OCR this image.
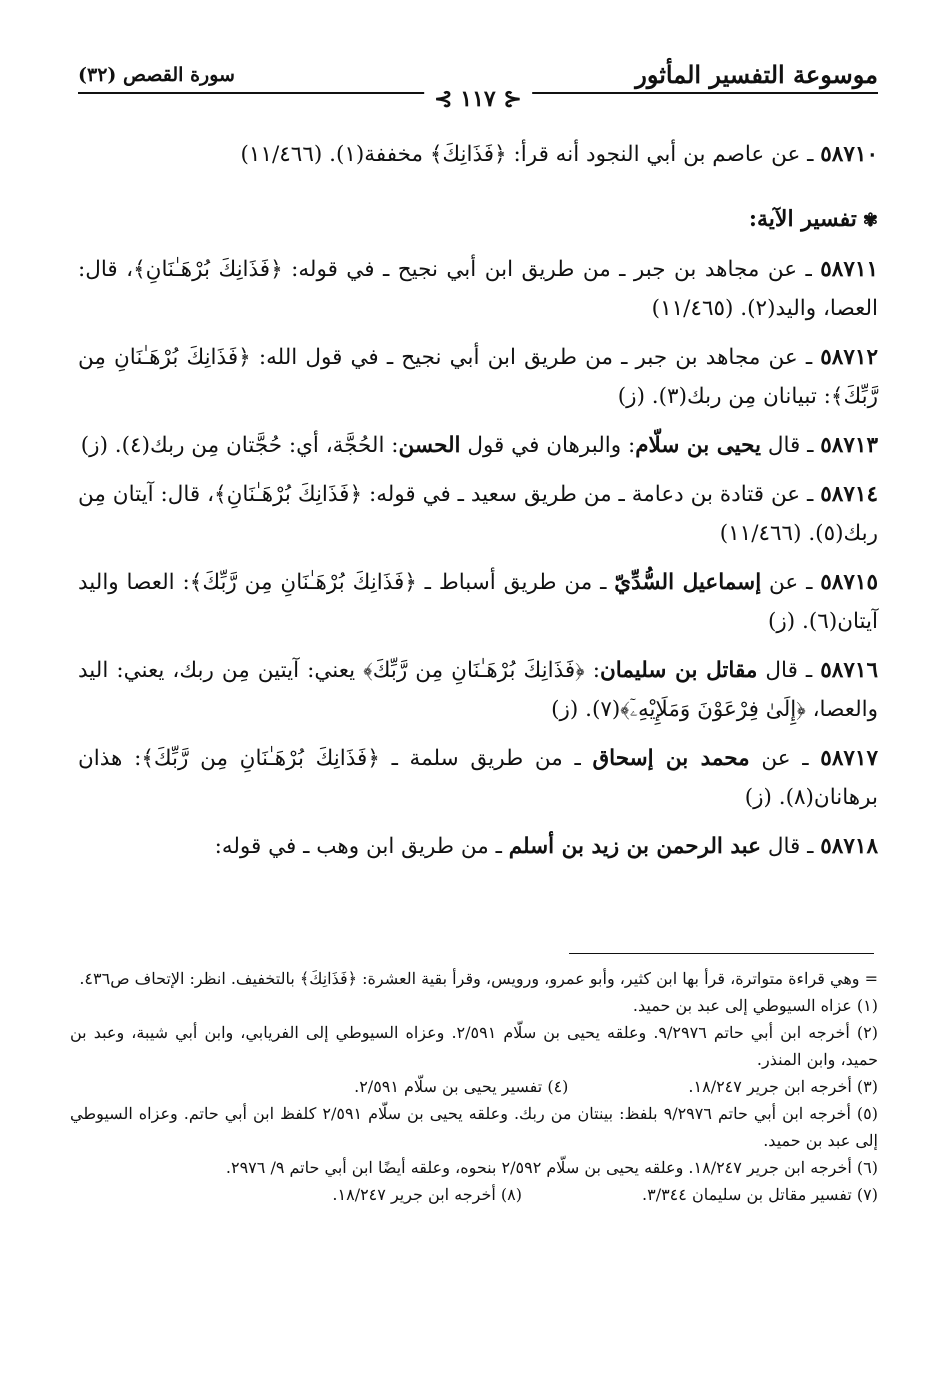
موسوعة التفسير المأثور
سورة القصص (٣٢)
⊰ ١١٧ ⊱

٥٨٧١٠ ـ عن عاصم بن أبي النجود أنه قرأ: ﴿فَذَانِكَ﴾ مخففة(١). (١١/٤٦٦)

✾تفسير الآية:

٥٨٧١١ ـ عن مجاهد بن جبر ـ من طريق ابن أبي نجيح ـ في قوله: ﴿فَذَانِكَ بُرْهَـٰنَانِ﴾، قال: العصا، واليد(٢). (١١/٤٦٥)

٥٨٧١٢ ـ عن مجاهد بن جبر ـ من طريق ابن أبي نجيح ـ في قول الله: ﴿فَذَانِكَ بُرْهَـٰنَانِ مِن رَّبِّكَ﴾: تبيانان مِن ربك(٣). (ز)

٥٨٧١٣ ـ قال يحيى بن سلّام: والبرهان في قول الحسن: الحُجَّة، أي: حُجَّتان مِن ربك(٤). (ز)

٥٨٧١٤ ـ عن قتادة بن دعامة ـ من طريق سعيد ـ في قوله: ﴿فَذَانِكَ بُرْهَـٰنَانِ﴾، قال: آيتان مِن ربك(٥). (١١/٤٦٦)

٥٨٧١٥ ـ عن إسماعيل السُّدِّيّ ـ من طريق أسباط ـ ﴿فَذَانِكَ بُرْهَـٰنَانِ مِن رَّبِّكَ﴾: العصا واليد آيتان(٦). (ز)

٥٨٧١٦ ـ قال مقاتل بن سليمان: ﴿فَذَانِكَ بُرْهَـٰنَانِ مِن رَّبِّكَ﴾ يعني: آيتين مِن ربك، يعني: اليد والعصا، ﴿إِلَىٰ فِرْعَوْنَ وَمَلَإِيْهِۦٓ﴾(٧). (ز)

٥٨٧١٧ ـ عن محمد بن إسحاق ـ من طريق سلمة ـ ﴿فَذَانِكَ بُرْهَـٰنَانِ مِن رَّبِّكَ﴾: هذان برهانان(٨). (ز)

٥٨٧١٨ ـ قال عبد الرحمن بن زيد بن أسلم ـ من طريق ابن وهب ـ في قوله:

= وهي قراءة متواترة، قرأ بها ابن كثير، وأبو عمرو، ورويس، وقرأ بقية العشرة: ﴿فَذَانِكَ﴾ بالتخفيف. انظر: الإتحاف ص٤٣٦.

(١) عزاه السيوطي إلى عبد بن حميد.

(٢) أخرجه ابن أبي حاتم ٩/٢٩٧٦. وعلقه يحيى بن سلّام ٢/٥٩١. وعزاه السيوطي إلى الفريابي، وابن أبي شيبة، وعبد بن حميد، وابن المنذر.

(٣) أخرجه ابن جرير ١٨/٢٤٧.

(٤) تفسير يحيى بن سلّام ٢/٥٩١.

(٥) أخرجه ابن أبي حاتم ٩/٢٩٧٦ بلفظ: بينتان من ربك. وعلقه يحيى بن سلّام ٢/٥٩١ كلفظ ابن أبي حاتم. وعزاه السيوطي إلى عبد بن حميد.

(٦) أخرجه ابن جرير ١٨/٢٤٧. وعلقه يحيى بن سلّام ٢/٥٩٢ بنحوه، وعلقه أيضًا ابن أبي حاتم ٩/ ٢٩٧٦.

(٧) تفسير مقاتل بن سليمان ٣/٣٤٤.

(٨) أخرجه ابن جرير ١٨/٢٤٧.
